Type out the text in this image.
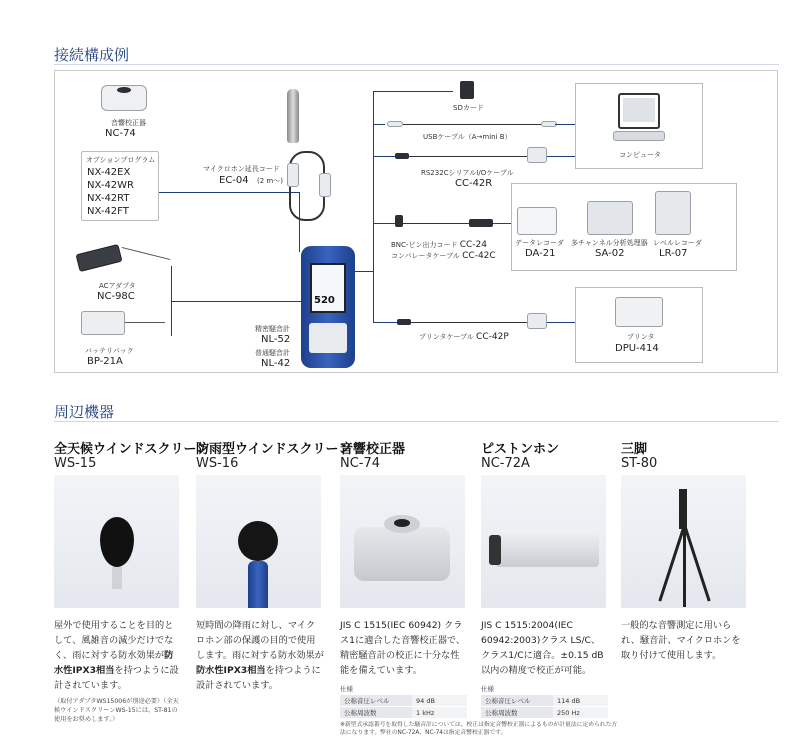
接続構成例
音響校正器
NC-74
オプションプログラム
NX-42EX
NX-42WR
NX-42RT
NX-42FT
ACアダプタ
NC-98C
バッテリパック
BP-21A
マイクロホン延長コード
EC-04 (2 m～)
520
精密騒音計
NL-52
普通騒音計
NL-42
SDカード
USBケーブル（A→mini B）
RS232CシリアルI/Oケーブル
CC-42R
コンピュータ
BNC-ピン出力コード CC-24
コンパレータケーブル CC-42C
データレコーダ
DA-21
多チャンネル分析処理器
SA-02
レベルレコーダ
LR-07
プリンタケーブル CC-42P	プリンタ
DPU-414
周辺機器
全天候ウインドスクリーン
WS-15
防雨型ウインドスクリーン
WS-16
音響校正器
NC-74
ピストンホン
NC-72A
三脚
ST-80
屋外で使用することを目的として、風雑音の減少だけでなく、雨に対する防水効果が防水性IPX3相当を持つように設計されています。
（取付アダプタWS15006が別途必要）（全天候ウインドスクリーンWS-15には、ST-81の使用をお奨めします。）
短時間の降雨に対し、マイクロホン部の保護の目的で使用します。雨に対する防水効果が防水性IPX3相当を持つように設計されています。
JIS C 1515(IEC 60942) クラス1に適合した音響校正器で、精密騒音計の校正に十分な性能を備えています。
仕様
公称音圧レベル	94 dB
公称周波数	1 kHz
JIS C 1515:2004(IEC 60942:2003)クラス LS/C、クラス1/Cに適合。±0.15 dB 以内の精度で校正が可能。
仕様
公称音圧レベル	114 dB
公称周波数	250 Hz
※新型式承認番号を取得した騒音計については、校正は指定音響校正器によるものが計量法に定められた方法になります。弊社のNC-72A、NC-74は指定音響校正器です。
一般的な音響測定に用いられ、騒音計、マイクロホンを取り付けて使用します。
